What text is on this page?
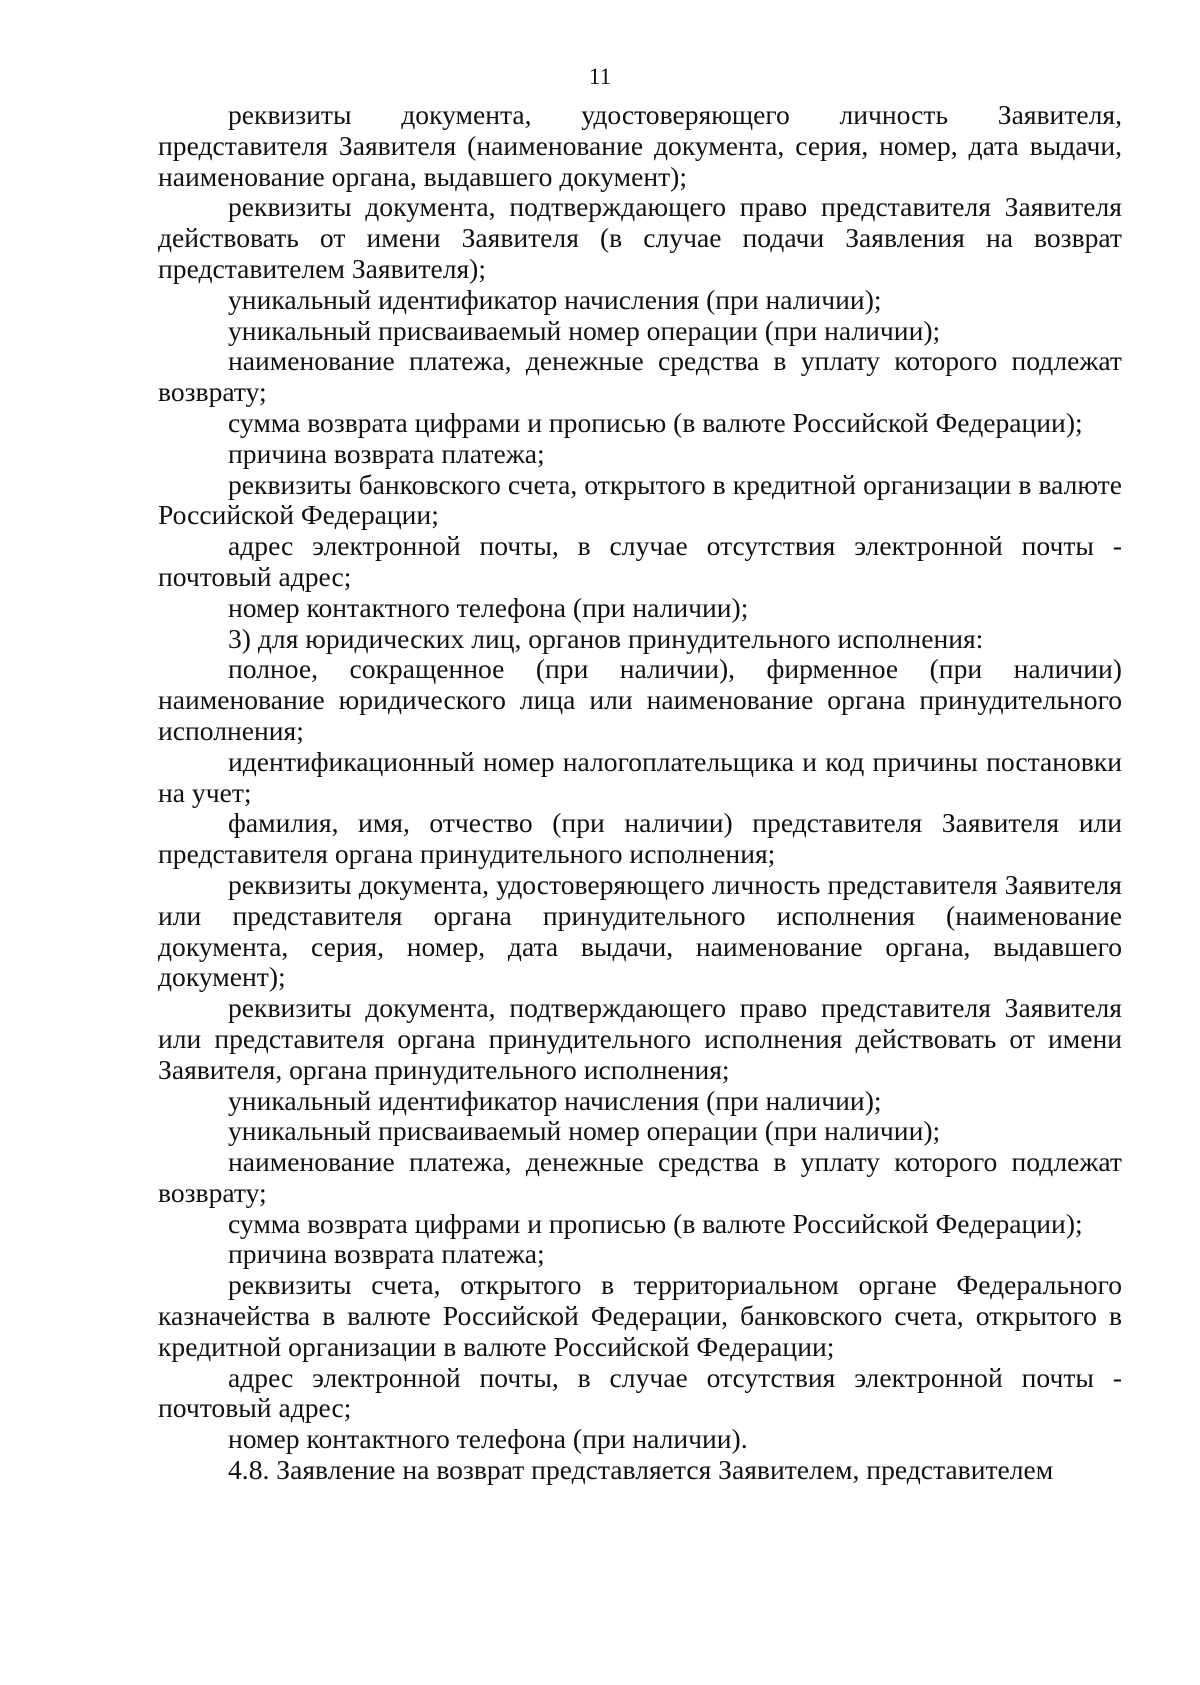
11

реквизиты документа, удостоверяющего личность Заявителя, представителя Заявителя (наименование документа, серия, номер, дата выдачи, наименование органа, выдавшего документ);

реквизиты документа, подтверждающего право представителя Заявителя действовать от имени Заявителя (в случае подачи Заявления на возврат представителем Заявителя);

уникальный идентификатор начисления (при наличии);

уникальный присваиваемый номер операции (при наличии);

наименование платежа, денежные средства в уплату которого подлежат возврату;

сумма возврата цифрами и прописью (в валюте Российской Федерации);

причина возврата платежа;

реквизиты банковского счета, открытого в кредитной организации в валюте Российской Федерации;

адрес электронной почты, в случае отсутствия электронной почты - почтовый адрес;

номер контактного телефона (при наличии);

3) для юридических лиц, органов принудительного исполнения:

полное, сокращенное (при наличии), фирменное (при наличии) наименование юридического лица или наименование органа принудительного исполнения;

идентификационный номер налогоплательщика и код причины постановки на учет;

фамилия, имя, отчество (при наличии) представителя Заявителя или представителя органа принудительного исполнения;

реквизиты документа, удостоверяющего личность представителя Заявителя или представителя органа принудительного исполнения (наименование документа, серия, номер, дата выдачи, наименование органа, выдавшего документ);

реквизиты документа, подтверждающего право представителя Заявителя или представителя органа принудительного исполнения действовать от имени Заявителя, органа принудительного исполнения;

уникальный идентификатор начисления (при наличии);

уникальный присваиваемый номер операции (при наличии);

наименование платежа, денежные средства в уплату которого подлежат возврату;

сумма возврата цифрами и прописью (в валюте Российской Федерации);

причина возврата платежа;

реквизиты счета, открытого в территориальном органе Федерального казначейства в валюте Российской Федерации, банковского счета, открытого в кредитной организации в валюте Российской Федерации;

адрес электронной почты, в случае отсутствия электронной почты - почтовый адрес;

номер контактного телефона (при наличии).

4.8. Заявление на возврат представляется Заявителем, представителем
